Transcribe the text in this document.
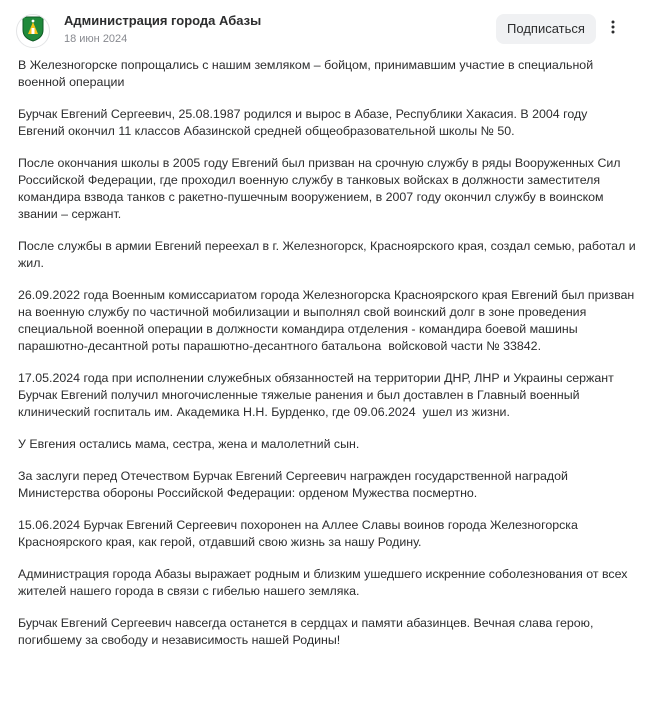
Администрация города Абазы
18 июн 2024
Подписаться

В Железногорске попрощались с нашим земляком – бойцом, принимавшим участие в специальной военной операции

Бурчак Евгений Сергеевич, 25.08.1987 родился и вырос в Абазе, Республики Хакасия. В 2004 году Евгений окончил 11 классов Абазинской средней общеобразовательной школы № 50.

После окончания школы в 2005 году Евгений был призван на срочную службу в ряды Вооруженных Сил Российской Федерации, где проходил военную службу в танковых войсках в должности заместителя командира взвода танков с ракетно-пушечным вооружением, в 2007 году окончил службу в воинском звании – сержант.

После службы в армии Евгений переехал в г. Железногорск, Красноярского края, создал семью, работал и жил.

26.09.2022 года Военным комиссариатом города Железногорска Красноярского края Евгений был призван на военную службу по частичной мобилизации и выполнял свой воинский долг в зоне проведения специальной военной операции в должности командира отделения - командира боевой машины парашютно-десантной роты парашютно-десантного батальона  войсковой части № 33842.

17.05.2024 года при исполнении служебных обязанностей на территории ДНР, ЛНР и Украины сержант Бурчак Евгений получил многочисленные тяжелые ранения и был доставлен в Главный военный клинический госпиталь им. Академика Н.Н. Бурденко, где 09.06.2024  ушел из жизни.

У Евгения остались мама, сестра, жена и малолетний сын.

За заслуги перед Отечеством Бурчак Евгений Сергеевич награжден государственной наградой Министерства обороны Российской Федерации: орденом Мужества посмертно.

15.06.2024 Бурчак Евгений Сергеевич похоронен на Аллее Славы воинов города Железногорска Красноярского края, как герой, отдавший свою жизнь за нашу Родину.

Администрация города Абазы выражает родным и близким ушедшего искренние соболезнования от всех жителей нашего города в связи с гибелью нашего земляка.

Бурчак Евгений Сергеевич навсегда останется в сердцах и памяти абазинцев. Вечная слава герою, погибшему за свободу и независимость нашей Родины!
